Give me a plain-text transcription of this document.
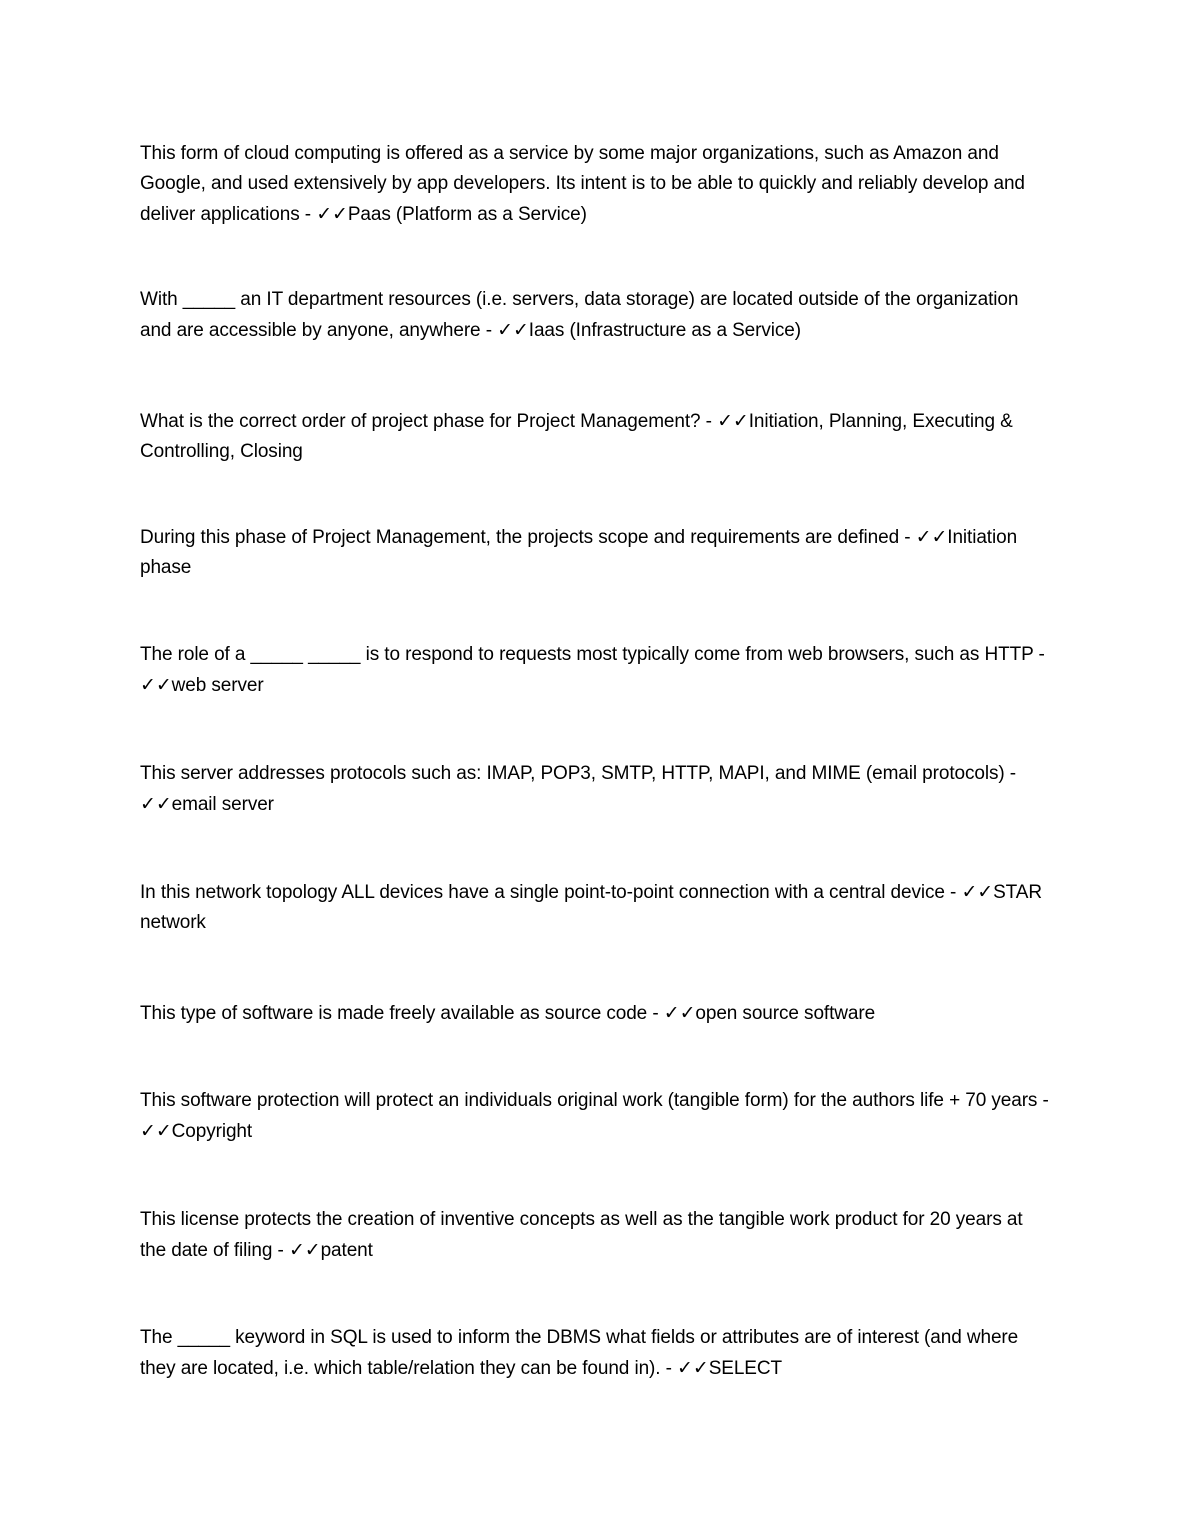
This form of cloud computing is offered as a service by some major organizations, such as Amazon and Google, and used extensively by app developers. Its intent is to be able to quickly and reliably develop and deliver applications - ✓✓Paas (Platform as a Service)
With _____ an IT department resources (i.e. servers, data storage) are located outside of the organization and are accessible by anyone, anywhere - ✓✓Iaas (Infrastructure as a Service)
What is the correct order of project phase for Project Management? - ✓✓Initiation, Planning, Executing & Controlling, Closing
During this phase of Project Management, the projects scope and requirements are defined - ✓✓Initiation phase
The role of a _____ _____ is to respond to requests most typically come from web browsers, such as HTTP - ✓✓web server
This server addresses protocols such as: IMAP, POP3, SMTP, HTTP, MAPI, and MIME (email protocols) - ✓✓email server
In this network topology ALL devices have a single point-to-point connection with a central device - ✓✓STAR network
This type of software is made freely available as source code - ✓✓open source software
This software protection will protect an individuals original work (tangible form) for the authors life + 70 years - ✓✓Copyright
This license protects the creation of inventive concepts as well as the tangible work product for 20 years at the date of filing - ✓✓patent
The _____ keyword in SQL is used to inform the DBMS what fields or attributes are of interest (and where they are located, i.e. which table/relation they can be found in). - ✓✓SELECT
